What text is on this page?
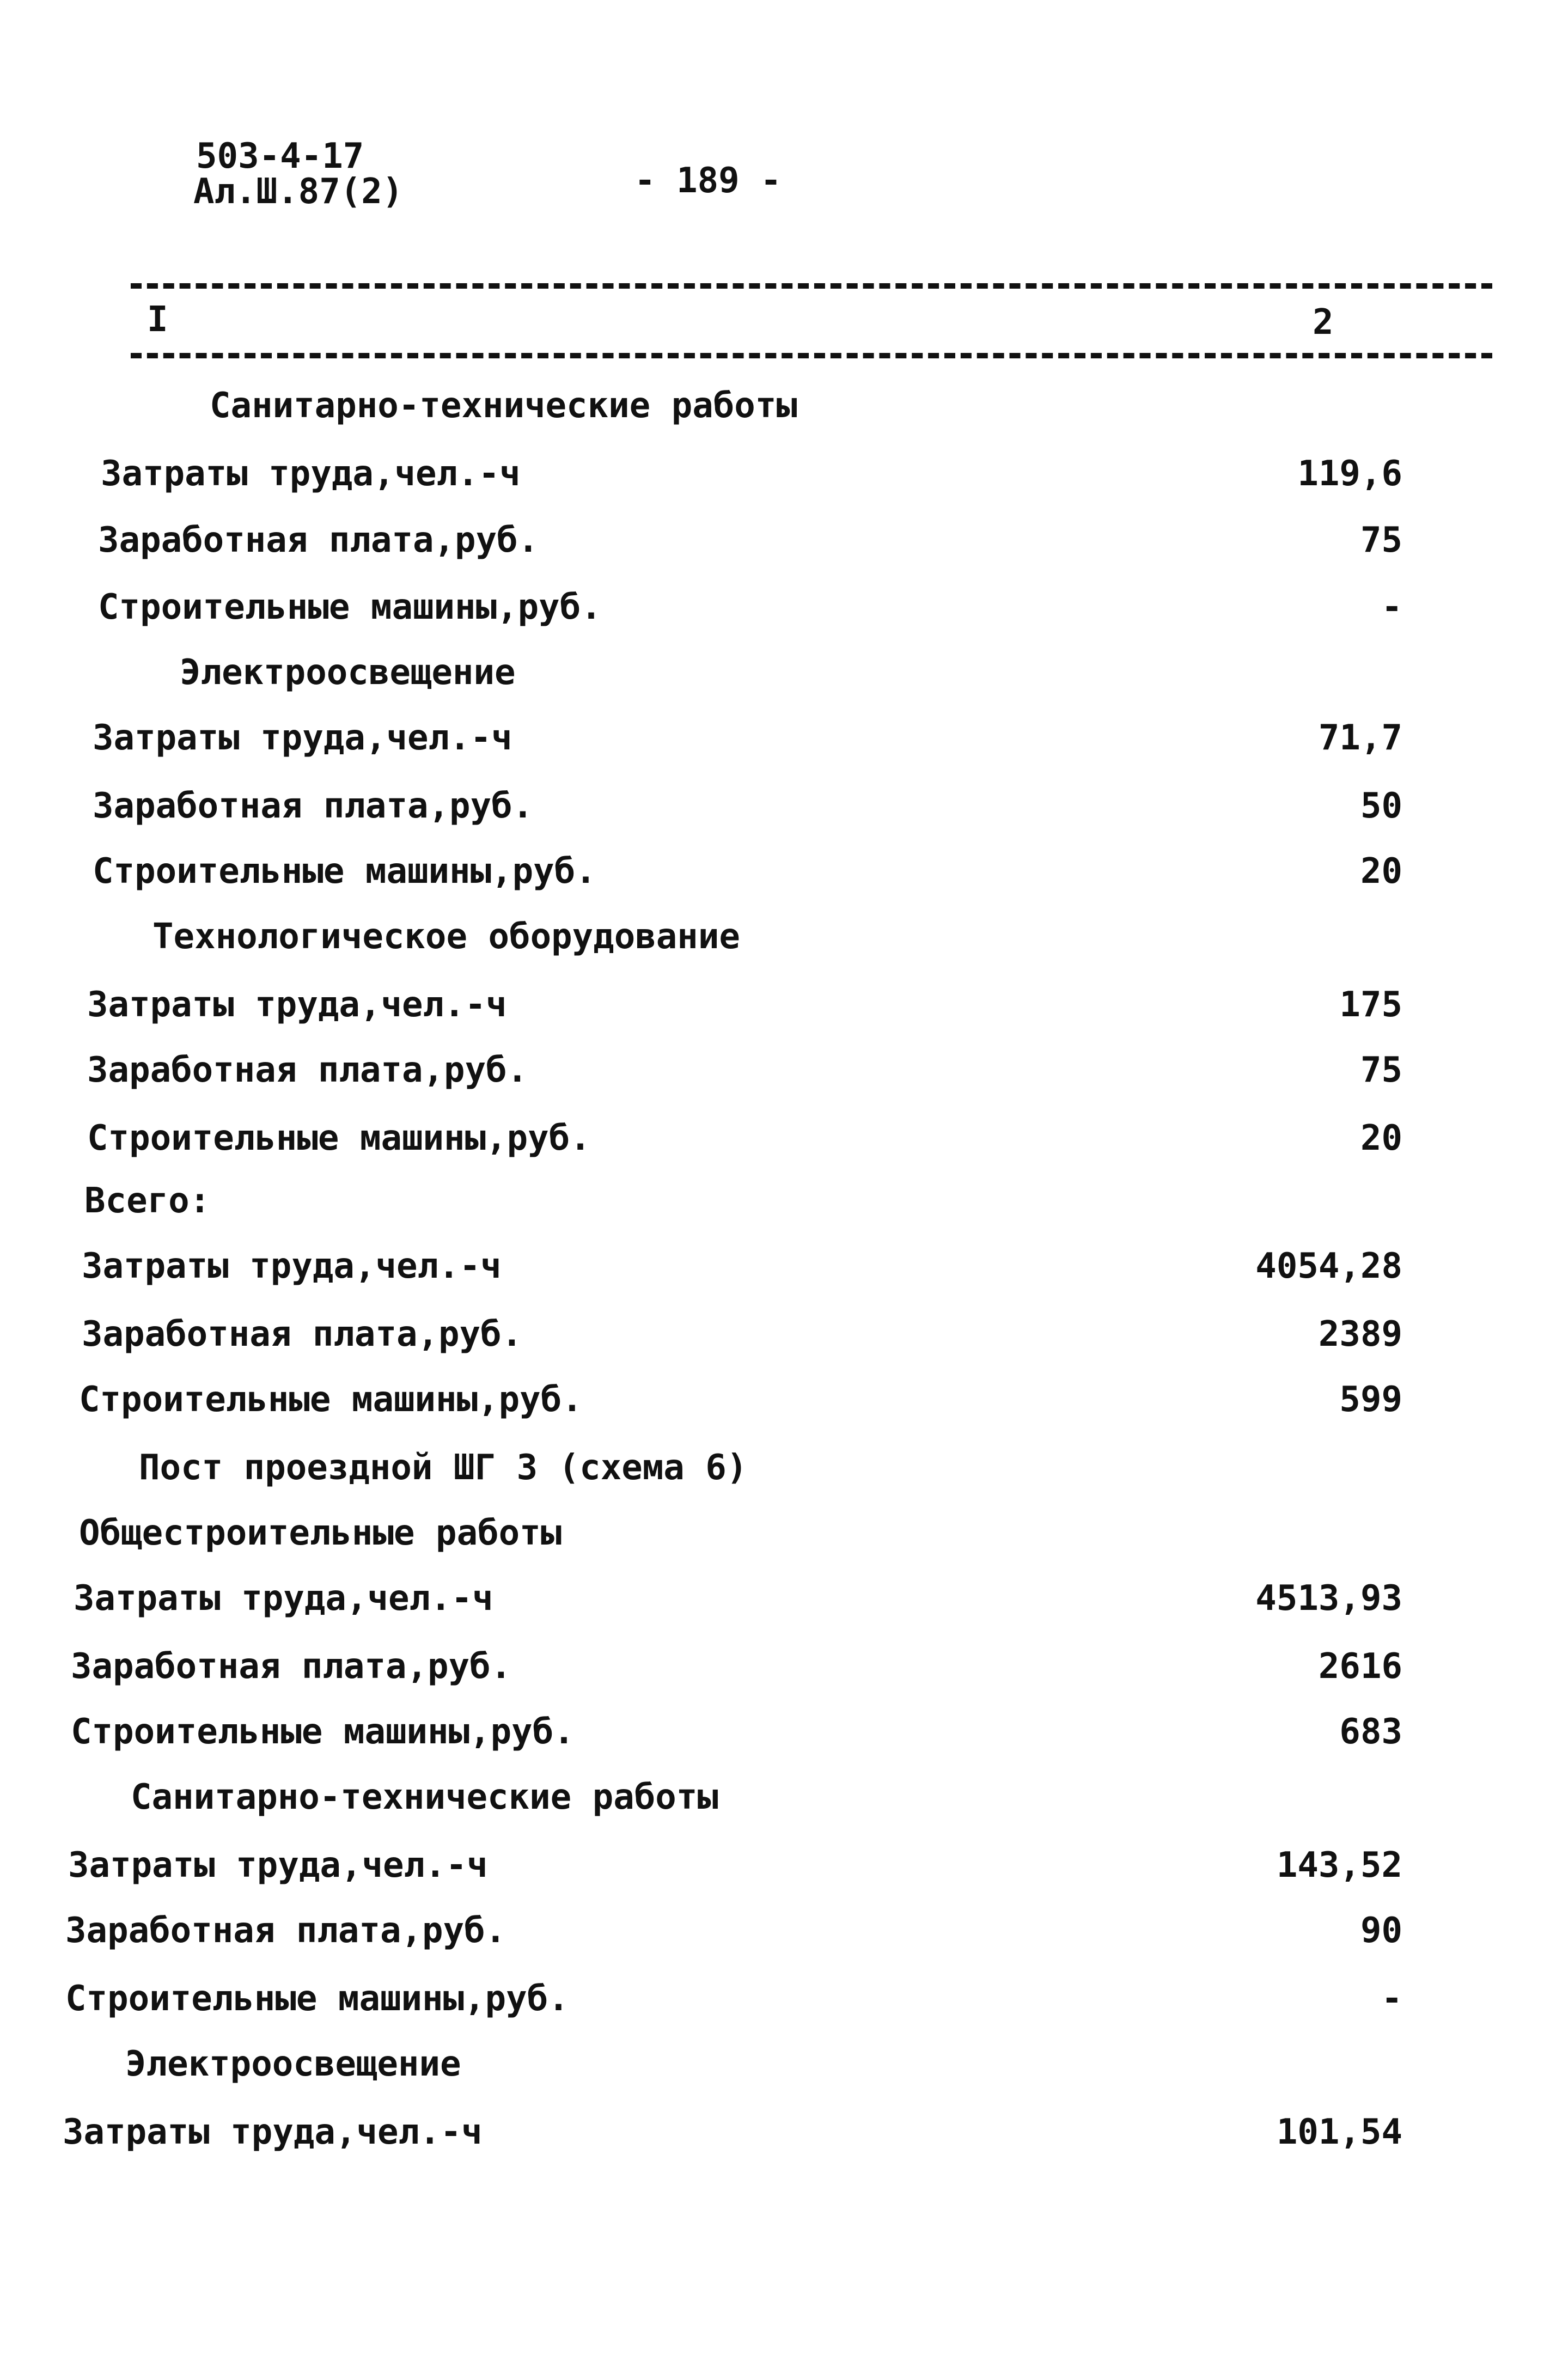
503-4-17
Ал.Ш.87(2)	- 189 -
I	2
Санитарно-технические работы
Затраты труда,чел.-ч	119,6
Заработная плата,руб.	75
Строительные машины,руб.	-
Электроосвещение
Затраты труда,чел.-ч	71,7
Заработная плата,руб.	50
Строительные машины,руб.	20
Технологическое оборудование
Затраты труда,чел.-ч	175
Заработная плата,руб.	75
Строительные машины,руб.	20
Всего:
Затраты труда,чел.-ч	4054,28
Заработная плата,руб.	2389
Строительные машины,руб.	599
Пост проездной ШГ 3 (схема 6)
Общестроительные работы
Затраты труда,чел.-ч	4513,93
Заработная плата,руб.	2616
Строительные машины,руб.	683
Санитарно-технические работы
Затраты труда,чел.-ч	143,52
Заработная плата,руб.	90
Строительные машины,руб.	-
Электроосвещение
Затраты труда,чел.-ч	101,54
